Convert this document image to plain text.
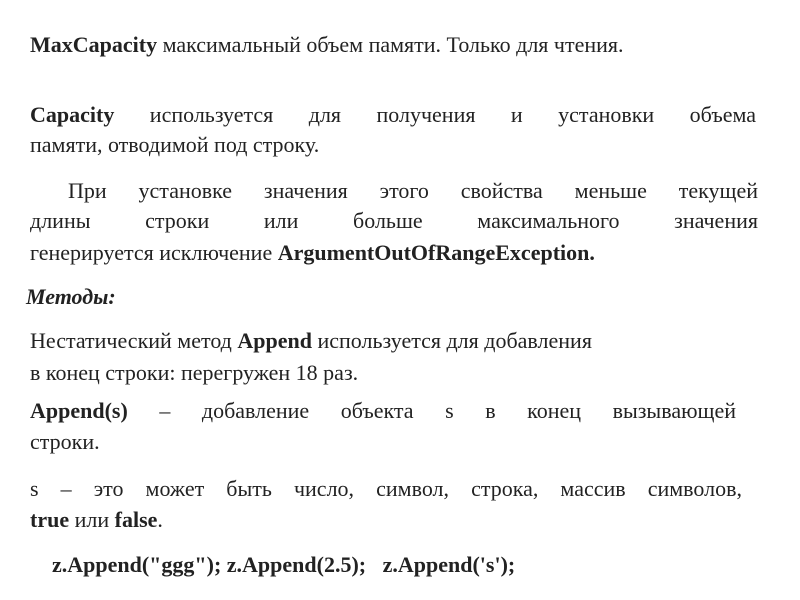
MaxCapacity максимальный объем памяти. Только для чтения.
Capacity используется для получения и установки объема
памяти, отводимой под строку.
При установке значения этого свойства меньше текущей
длины строки или больше максимального значения
генерируется исключение ArgumentOutOfRangeException.
Методы:
Нестатический метод Append используется для добавления
в конец строки: перегружен 18 раз.
Append(s) – добавление объекта s в конец вызывающей
строки.
s – это может быть число, символ, строка, массив символов,
true или false.
z.Append("ggg"); z.Append(2.5);   z.Append('s');
